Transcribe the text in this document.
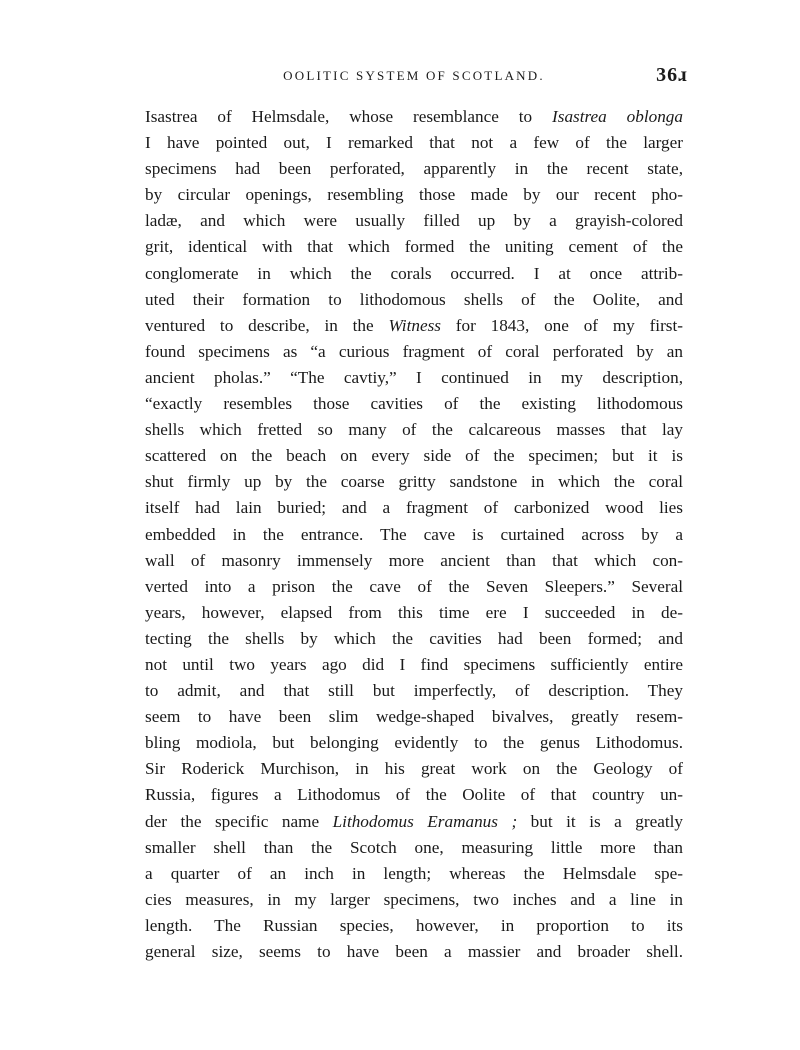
OOLITIC SYSTEM OF SCOTLAND.	36ɹ
Isaѕtrea of Helmsdale, whose resemblance to Isastrea oblonga
I have pointed out, I remarked that not a few of the larger
specimens had been perforated, apparently in the recent state,
by circular openings, resembling those made by our recent pho-
ladæ, and which were usually filled up by a grayish-colored
grit, identical with that which formed the uniting cement of the
conglomerate in which the corals occurred. I at once attrib-
uted their formation to lithodomous shells of the Oolite, and
ventured to describe, in the Witness for 1843, one of my first-
found specimens as “a curious fragment of coral perforated by an
ancient pholas.” “The cavtiy,” I continued in my description,
“exactly resembles those cavities of the existing lithodomous
shells which fretted so many of the calcareous masses that lay
scattered on the beach on every side of the specimen; but it is
shut firmly up by the coarse gritty sandstone in which the coral
itself had lain buried; and a fragment of carbonized wood lies
embedded in the entrance. The cave is curtained across by a
wall of masonry immensely more ancient than that which con-
verted into a prison the cave of the Seven Sleepers.” Several
years, however, elapsed from this time ere I succeeded in de-
tecting the shells by which the cavities had been formed; and
not until two years ago did I find specimens sufficiently entire
to admit, and that still but imperfectly, of description. They
seem to have been slim wedge-shaped bivalves, greatly resem-
bling modiola, but belonging evidently to the genus Lithodomus.
Sir Roderick Murchison, in his great work on the Geology of
Russia, figures a Lithodomus of the Oolite of that country un-
der the specific name Lithodomus Eramanus ; but it is a greatly
smaller shell than the Scotch one, measuring little more than
a quarter of an inch in length; whereas the Helmsdale spe-
cies measures, in my larger specimens, two inches and a line in
length. The Russian species, however, in proportion to its
general size, seems to have been a massier and broader shell.
